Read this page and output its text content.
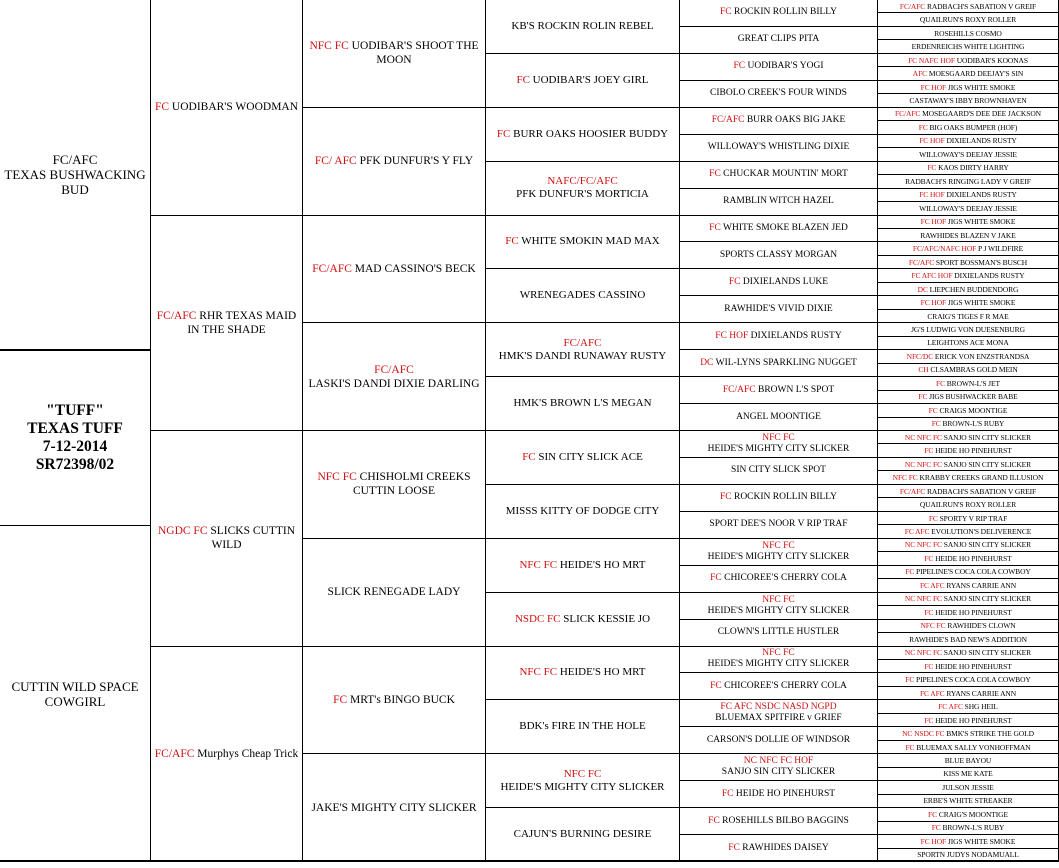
FC/AFC
TEXAS BUSHWACKING BUD
"TUFF"
TEXAS TUFF
7-12-2014
SR72398/02
CUTTIN WILD SPACE COWGIRL
FC UODIBAR'S WOODMAN
FC/AFC RHR TEXAS MAID IN THE SHADE
NGDC FC SLICKS CUTTIN WILD
FC/AFC Murphys Cheap Trick
NFC FC UODIBAR'S SHOOT THE MOON
FC/ AFC PFK DUNFUR'S Y FLY
FC/AFC MAD CASSINO'S BECK
FC/AFC
LASKI'S DANDI DIXIE DARLING
NFC FC CHISHOLMI CREEKS CUTTIN LOOSE
SLICK RENEGADE LADY
FC MRT's BINGO BUCK
JAKE'S MIGHTY CITY SLICKER
KB'S ROCKIN ROLIN REBEL
FC UODIBAR'S JOEY GIRL
FC BURR OAKS HOOSIER BUDDY
NAFC/FC/AFC
PFK DUNFUR'S MORTICIA
FC WHITE SMOKIN MAD MAX
WRENEGADES CASSINO
FC/AFC
HMK'S DANDI RUNAWAY RUSTY
HMK'S BROWN L'S MEGAN
FC SIN CITY SLICK ACE
MISSS KITTY OF DODGE CITY
NFC FC HEIDE'S HO MRT
NSDC FC SLICK KESSIE JO
NFC FC HEIDE'S HO MRT
BDK's FIRE IN THE HOLE
NFC FC
HEIDE'S MIGHTY CITY SLICKER
CAJUN'S BURNING DESIRE
FC ROCKIN ROLLIN BILLY
GREAT CLIPS PITA
FC UODIBAR'S YOGI
CIBOLO CREEK'S FOUR WINDS
FC/AFC BURR OAKS BIG JAKE
WILLOWAY'S WHISTLING DIXIE
FC CHUCKAR MOUNTIN' MORT
RAMBLIN WITCH HAZEL
FC WHITE SMOKE BLAZEN JED
SPORTS CLASSY MORGAN
FC DIXIELANDS LUKE
RAWHIDE'S VIVID DIXIE
FC HOF DIXIELANDS RUSTY
DC WIL-LYNS SPARKLING NUGGET
FC/AFC BROWN L'S SPOT
ANGEL MOONTIGE
NFC FC
HEIDE'S MIGHTY CITY SLICKER
SIN CITY SLICK SPOT
FC ROCKIN ROLLIN BILLY
SPORT DEE'S NOOR V RIP TRAF
NFC FC
HEIDE'S MIGHTY CITY SLICKER
FC CHICOREE'S CHERRY COLA
NFC FC
HEIDE'S MIGHTY CITY SLICKER
CLOWN'S LITTLE HUSTLER
NFC FC
HEIDE'S MIGHTY CITY SLICKER
FC CHICOREE'S CHERRY COLA
FC AFC NSDC NASD NGPD
BLUEMAX SPITFIRE v GRIEF
CARSON'S DOLLIE OF WINDSOR
NC NFC FC HOF
SANJO SIN CITY SLICKER
FC HEIDE HO PINEHURST
FC ROSEHILLS BILBO BAGGINS
FC RAWHIDES DAISEY
FC/AFC RADBACH'S SABATION V GREIF
QUAILRUN'S ROXY ROLLER
ROSEHILLS COSMO
ERDENREICHS WHITE LIGHTING
FC NAFC HOF UODIBAR'S KOONAS
AFC MOESGAARD DEEJAY'S SIN
FC HOF JIGS WHITE SMOKE
CASTAWAY'S IBBY BROWNHAVEN
FC/AFC MOSEGAARD'S DEE DEE JACKSON
FC BIG OAKS BUMPER (HOF)
FC HOF DIXIELANDS RUSTY
WILLOWAY'S DEEJAY JESSIE
FC KAOS DIRTY HARRY
RADBACH'S RINGING LADY V GREIF
FC HOF DIXIELANDS RUSTY
WILLOWAY'S DEEJAY JESSIE
FC HOF JIGS WHITE SMOKE
RAWHIDES BLAZEN V JAKE
FC/AFC/NAFC HOF P J WILDFIRE
FC/AFC SPORT BOSSMAN'S BUSCH
FC AFC HOF DIXIELANDS RUSTY
DC LIEPCHEN BUDDENDORG
FC HOF JIGS WHITE SMOKE
CRAIG'S TIGES F R MAE
JG'S LUDWIG VON DUESENBURG
LEIGHTONS ACE MONA
NFC/DC ERICK VON ENZSTRANDSA
CH CLSAMBRAS GOLD MEIN
FC BROWN-L'S JET
FC JIGS BUSHWACKER BABE
FC CRAIGS MOONTIGE
FC BROWN-L'S RUBY
NC NFC FC SANJO SIN CITY SLICKER
FC HEIDE HO PINEHURST
NC NFC FC SANJO SIN CITY SLICKER
NFC FC KRABBY CREEKS GRAND ILLUSION
FC/AFC RADBACH'S SABATION V GREIF
QUAILRUN'S ROXY ROLLER
FC SPORTY V RIP TRAF
FC AFC EVOLUTION'S DELIVERENCE
NC NFC FC SANJO SIN CITY SLICKER
FC HEIDE HO PINEHURST
FC PIPELINE'S COCA COLA COWBOY
FC AFC RYANS CARRIE ANN
NC NFC FC SANJO SIN CITY SLICKER
FC HEIDE HO PINEHURST
NFC FC RAWHIDE'S CLOWN
RAWHIDE'S BAD NEW'S ADDITION
NC NFC FC SANJO SIN CITY SLICKER
FC HEIDE HO PINEHURST
FC PIPELINE'S COCA COLA COWBOY
FC AFC RYANS CARRIE ANN
FC AFC SHG HEIL
FC HEIDE HO PINEHURST
NC NSDC FC BMK'S STRIKE THE GOLD
FC BLUEMAX SALLY VONHOFFMAN
BLUE BAYOU
KISS ME KATE
JULSON JESSIE
ERBE'S WHITE STREAKER
FC CRAIG'S MOONTIGE
FC BROWN-L'S RUBY
FC HOF JIGS WHITE SMOKE
SPORTN JUDYS NODAMUALL
